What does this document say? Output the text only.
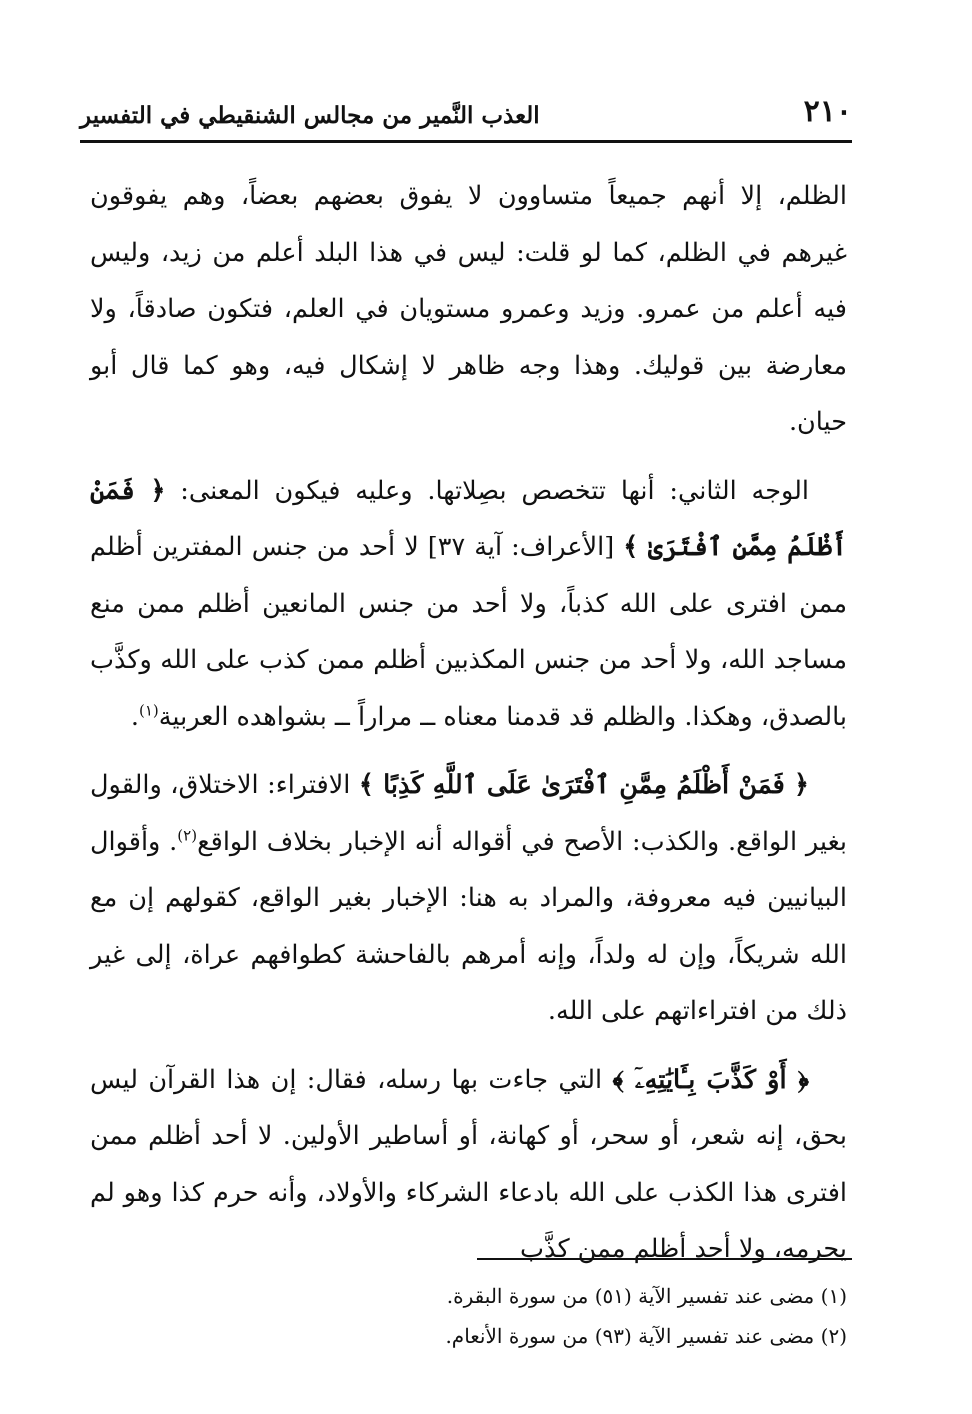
٢١٠
العذب النَّمير من مجالس الشنقيطي في التفسير

الظلم، إلا أنهم جميعاً متساوون لا يفوق بعضهم بعضاً، وهم يفوقون غيرهم في الظلم، كما لو قلت: ليس في هذا البلد أعلم من زيد، وليس فيه أعلم من عمرو. وزيد وعمرو مستويان في العلم، فتكون صادقاً، ولا معارضة بين قوليك. وهذا وجه ظاهر لا إشكال فيه، وهو كما قال أبو حيان.

الوجه الثاني: أنها تتخصص بصِلاتها. وعليه فيكون المعنى: ﴿ فَمَنْ أَظْلَمُ مِمَّنِ ٱفْتَرَىٰ ﴾ [الأعراف: آية ٣٧] لا أحد من جنس المفترين أظلم ممن افترى على الله كذباً، ولا أحد من جنس المانعين أظلم ممن منع مساجد الله، ولا أحد من جنس المكذبين أظلم ممن كذب على الله وكذَّب بالصدق، وهكذا. والظلم قد قدمنا معناه ــ مراراً ــ بشواهده العربية$^{(١)}$.

﴿ فَمَنْ أَظْلَمُ مِمَّنِ ٱفْتَرَىٰ عَلَى ٱللَّهِ كَذِبًا ﴾ الافتراء: الاختلاق، والقول بغير الواقع. والكذب: الأصح في أقواله أنه الإخبار بخلاف الواقع$^{(٢)}$. وأقوال البيانيين فيه معروفة، والمراد به هنا: الإخبار بغير الواقع، كقولهم إن مع الله شريكاً، وإن له ولداً، وإنه أمرهم بالفاحشة كطوافهم عراة، إلى غير ذلك من افتراءاتهم على الله.

﴿ أَوْ كَذَّبَ بِـَٔايَٰتِهِۦٓ ﴾ التي جاءت بها رسله، فقال: إن هذا القرآن ليس بحق، إنه شعر، أو سحر، أو كهانة، أو أساطير الأولين. لا أحد أظلم ممن افترى هذا الكذب على الله بادعاء الشركاء والأولاد، وأنه حرم كذا وهو لم يحرمه، ولا أحد أظلم ممن كذَّب

(١) مضى عند تفسير الآية (٥١) من سورة البقرة.

(٢) مضى عند تفسير الآية (٩٣) من سورة الأنعام.
